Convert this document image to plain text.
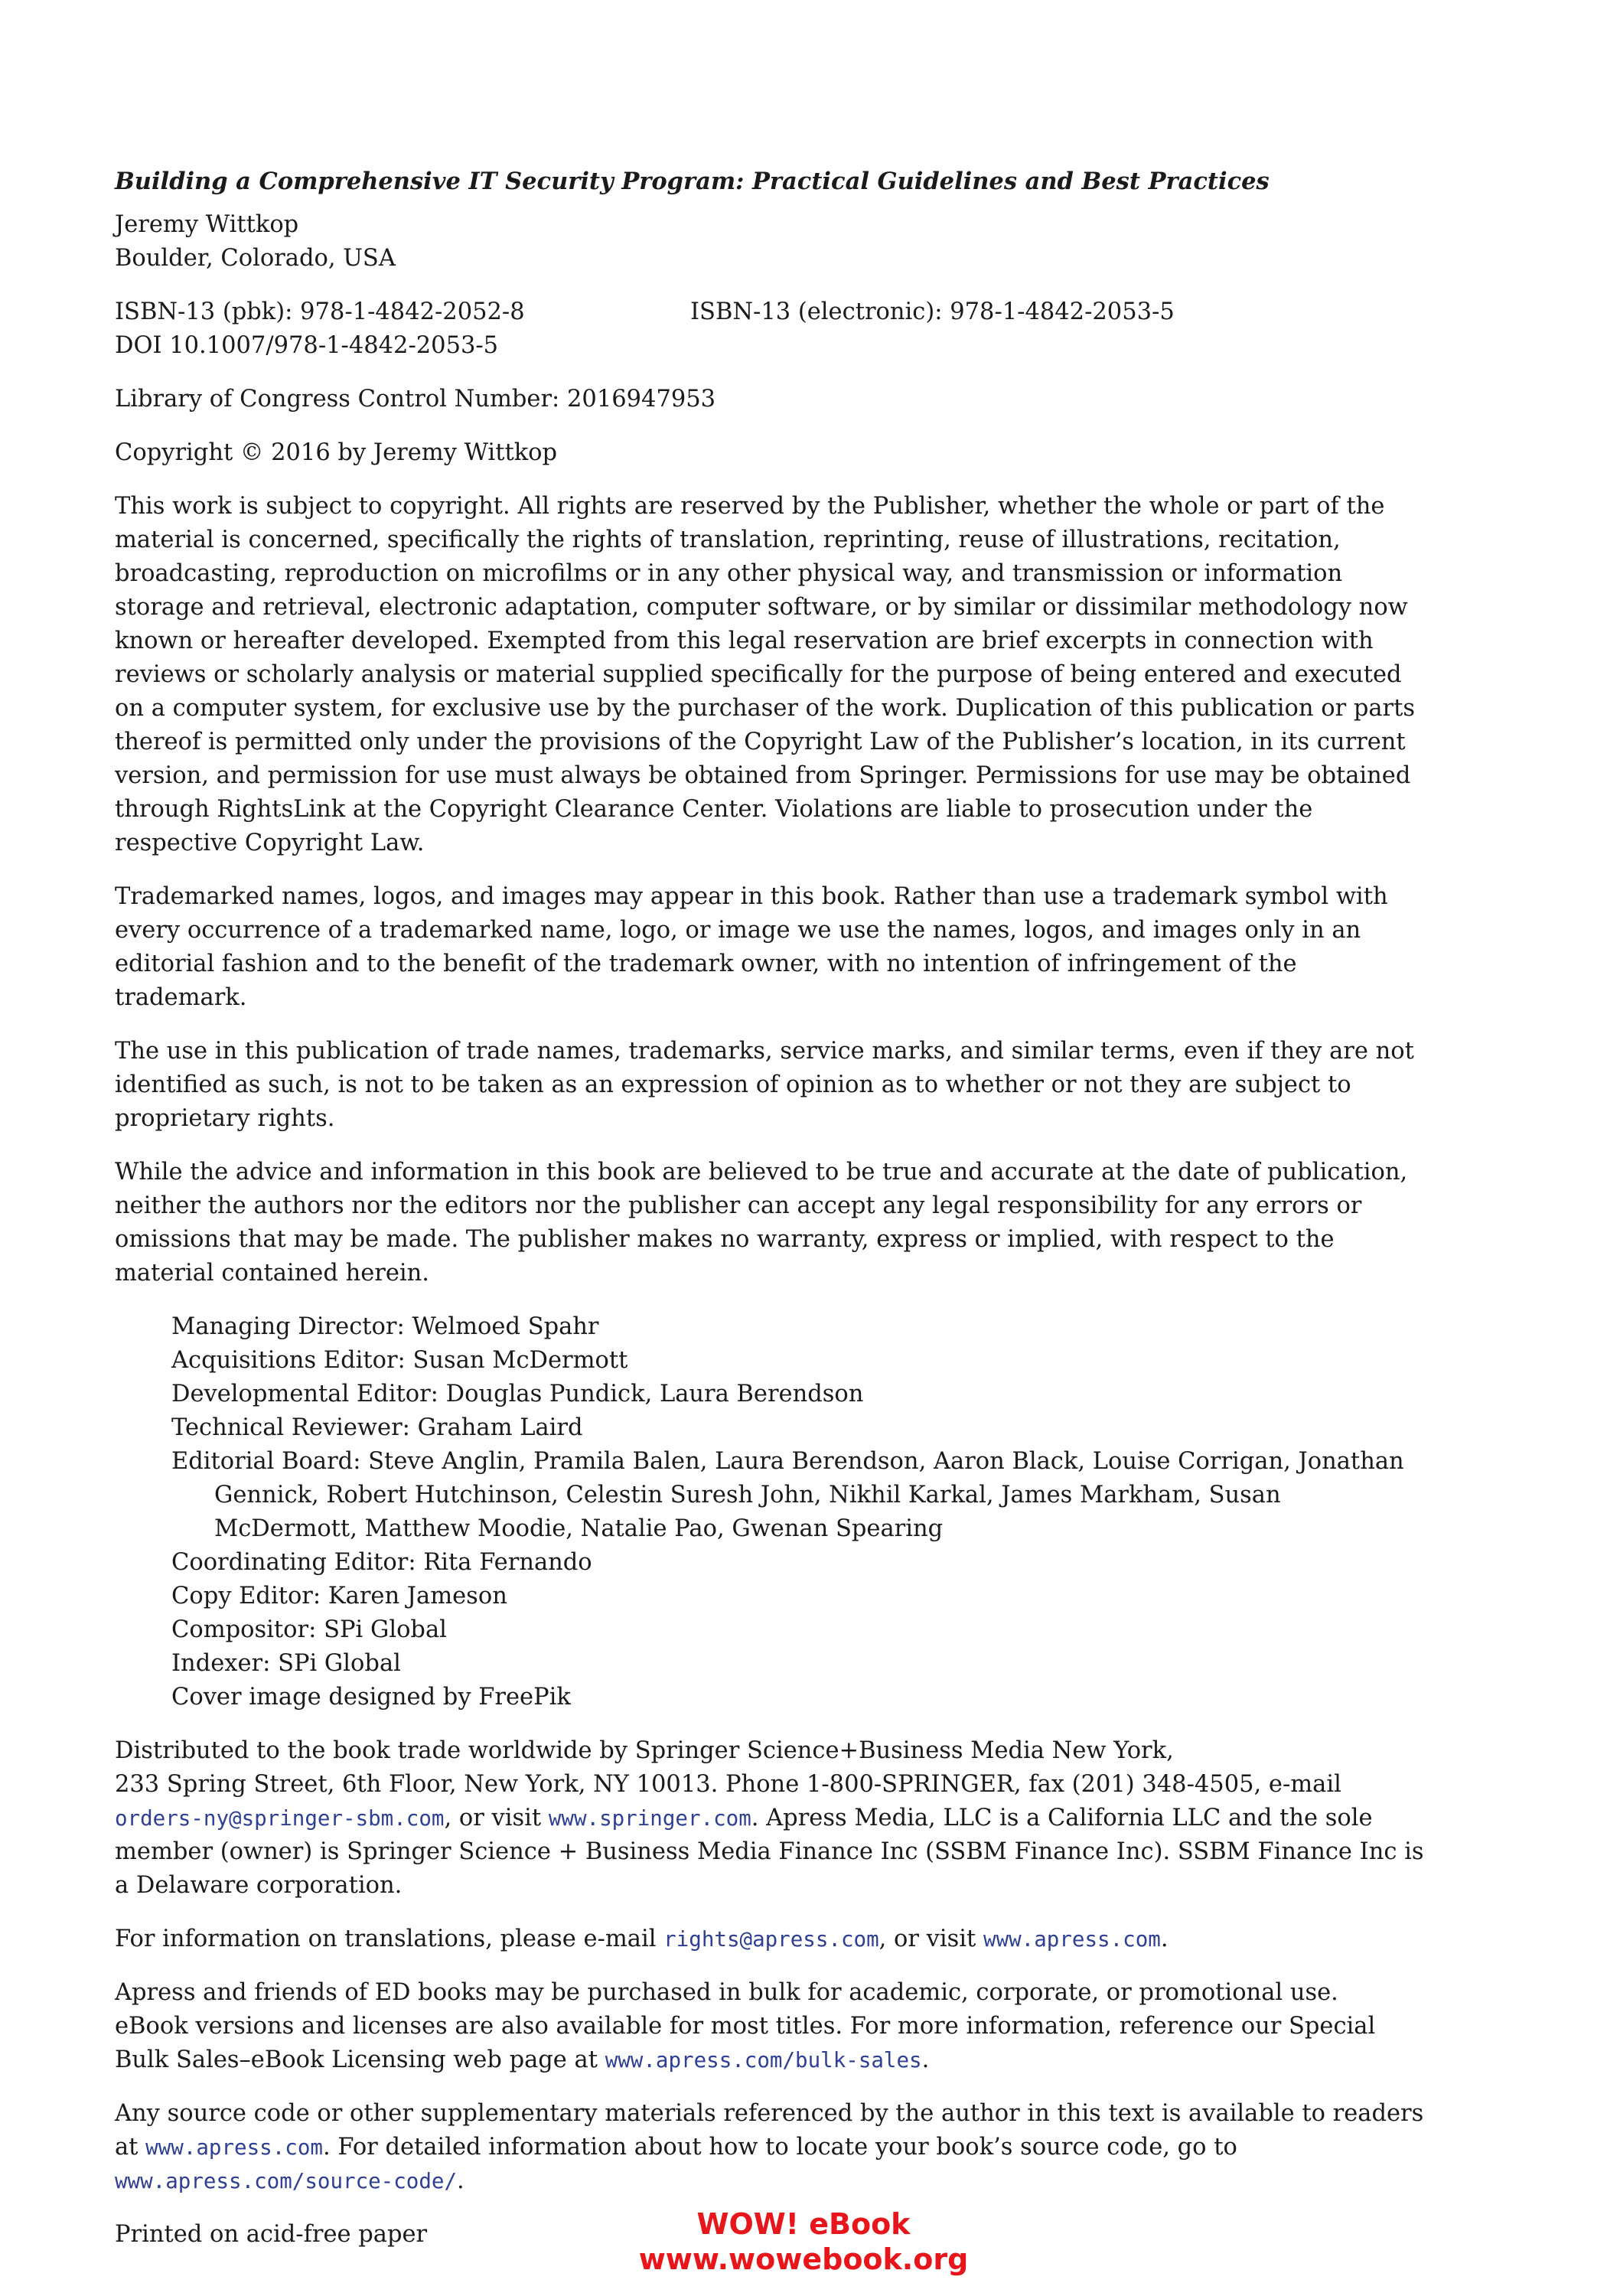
Building a Comprehensive IT Security Program: Practical Guidelines and Best Practices

Jeremy Wittkop

Boulder, Colorado, USA

ISBN-13 (pbk): 978-1-4842-2052-8	ISBN-13 (electronic): 978-1-4842-2053-5

DOI 10.1007/978-1-4842-2053-5

Library of Congress Control Number: 2016947953

Copyright © 2016 by Jeremy Wittkop

This work is subject to copyright. All rights are reserved by the Publisher, whether the whole or part of the material is concerned, specifically the rights of translation, reprinting, reuse of illustrations, recitation, broadcasting, reproduction on microfilms or in any other physical way, and transmission or information storage and retrieval, electronic adaptation, computer software, or by similar or dissimilar methodology now known or hereafter developed. Exempted from this legal reservation are brief excerpts in connection with reviews or scholarly analysis or material supplied specifically for the purpose of being entered and executed on a computer system, for exclusive use by the purchaser of the work. Duplication of this publication or parts thereof is permitted only under the provisions of the Copyright Law of the Publisher’s location, in its current version, and permission for use must always be obtained from Springer. Permissions for use may be obtained through RightsLink at the Copyright Clearance Center. Violations are liable to prosecution under the respective Copyright Law.

Trademarked names, logos, and images may appear in this book. Rather than use a trademark symbol with every occurrence of a trademarked name, logo, or image we use the names, logos, and images only in an editorial fashion and to the benefit of the trademark owner, with no intention of infringement of the trademark.

The use in this publication of trade names, trademarks, service marks, and similar terms, even if they are not identified as such, is not to be taken as an expression of opinion as to whether or not they are subject to proprietary rights.

While the advice and information in this book are believed to be true and accurate at the date of publication, neither the authors nor the editors nor the publisher can accept any legal responsibility for any errors or omissions that may be made. The publisher makes no warranty, express or implied, with respect to the material contained herein.

Managing Director: Welmoed Spahr

Acquisitions Editor: Susan McDermott

Developmental Editor: Douglas Pundick, Laura Berendson

Technical Reviewer: Graham Laird

Editorial Board: Steve Anglin, Pramila Balen, Laura Berendson, Aaron Black, Louise Corrigan, Jonathan Gennick, Robert Hutchinson, Celestin Suresh John, Nikhil Karkal, James Markham, Susan McDermott, Matthew Moodie, Natalie Pao, Gwenan Spearing

Coordinating Editor: Rita Fernando

Copy Editor: Karen Jameson

Compositor: SPi Global

Indexer: SPi Global

Cover image designed by FreePik

Distributed to the book trade worldwide by Springer Science+Business Media New York,

233 Spring Street, 6th Floor, New York, NY 10013. Phone 1-800-SPRINGER, fax (201) 348-4505, e-mail
orders-ny@springer-sbm.com, or visit www.springer.com. Apress Media, LLC is a California LLC and the sole member (owner) is Springer Science + Business Media Finance Inc (SSBM Finance Inc). SSBM Finance Inc is a Delaware corporation.

For information on translations, please e-mail rights@apress.com, or visit www.apress.com.

Apress and friends of ED books may be purchased in bulk for academic, corporate, or promotional use.

eBook versions and licenses are also available for most titles. For more information, reference our Special Bulk Sales–eBook Licensing web page at www.apress.com/bulk-sales.

Any source code or other supplementary materials referenced by the author in this text is available to readers at www.apress.com. For detailed information about how to locate your book’s source code, go to
www.apress.com/source-code/.

Printed on acid-free paper	WOW! eBook
www.wowebook.org
